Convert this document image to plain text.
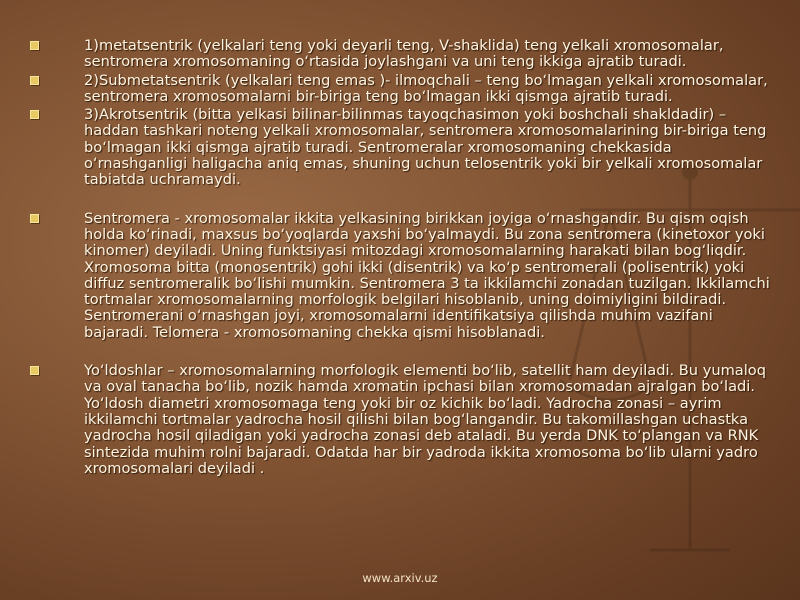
1)metatsentrik (yelkalari teng yoki deyarli teng, V-shaklida) teng yelkali xromosomalar, sentromera xromosomaning o‘rtasida joylashgani va uni teng ikkiga ajratib turadi.
2)Submetatsentrik (yelkalari teng emas )- ilmoqchali – teng bo‘lmagan yelkali xromosomalar, sentromera xromosomalarni bir-biriga teng bo‘lmagan ikki qismga ajratib turadi.
3)Akrotsentrik (bitta yelkasi bilinar-bilinmas tayoqchasimon yoki boshchali shakldadir) – haddan tashkari noteng yelkali xromosomalar, sentromera xromosomalarining bir-biriga teng bo‘lmagan ikki qismga ajratib turadi. Sentromeralar xromosomaning chekkasida o‘rnashganligi haligacha aniq emas, shuning uchun telosentrik yoki bir yelkali xromosomalar tabiatda uchramaydi.
Sentromera - xromosomalar ikkita yelkasining birikkan joyiga o‘rnashgandir. Bu qism oqish holda ko‘rinadi, maxsus bo‘yoqlarda yaxshi bo‘yalmaydi. Bu zona sentromera (kinetoxor yoki kinomer) deyiladi. Uning funktsiyasi mitozdagi xromosomalarning harakati bilan bog‘liqdir. Xromosoma bitta (monosentrik) gohi ikki (disentrik) va ko‘p sentromerali (polisentrik) yoki diffuz sentromeralik bo‘lishi mumkin. Sentromera 3 ta ikkilamchi zonadan tuzilgan. Ikkilamchi tortmalar xromosomalarning morfologik belgilari hisoblanib, uning doimiyligini bildiradi. Sentromerani o‘rnashgan joyi, xromosomalarni identifikatsiya qilishda muhim vazifani bajaradi. Telomera - xromosomaning chekka qismi hisoblanadi.
Yo‘ldoshlar – xromosomalarning morfologik elementi bo‘lib, satellit ham deyiladi. Bu yumaloq va oval tanacha bo‘lib, nozik hamda xromatin ipchasi bilan xromosomadan ajralgan bo‘ladi. Yo‘ldosh diametri xromosomaga teng yoki bir oz kichik bo‘ladi. Yadrocha zonasi – ayrim ikkilamchi tortmalar yadrocha hosil qilishi bilan bog‘langandir. Bu takomillashgan uchastka yadrocha hosil qiladigan yoki yadrocha zonasi deb ataladi. Bu yerda DNK to‘plangan va RNK sintezida muhim rolni bajaradi. Odatda har bir yadroda ikkita xromosoma bo‘lib ularni yadro xromosomalari deyiladi .
www.arxiv.uz
